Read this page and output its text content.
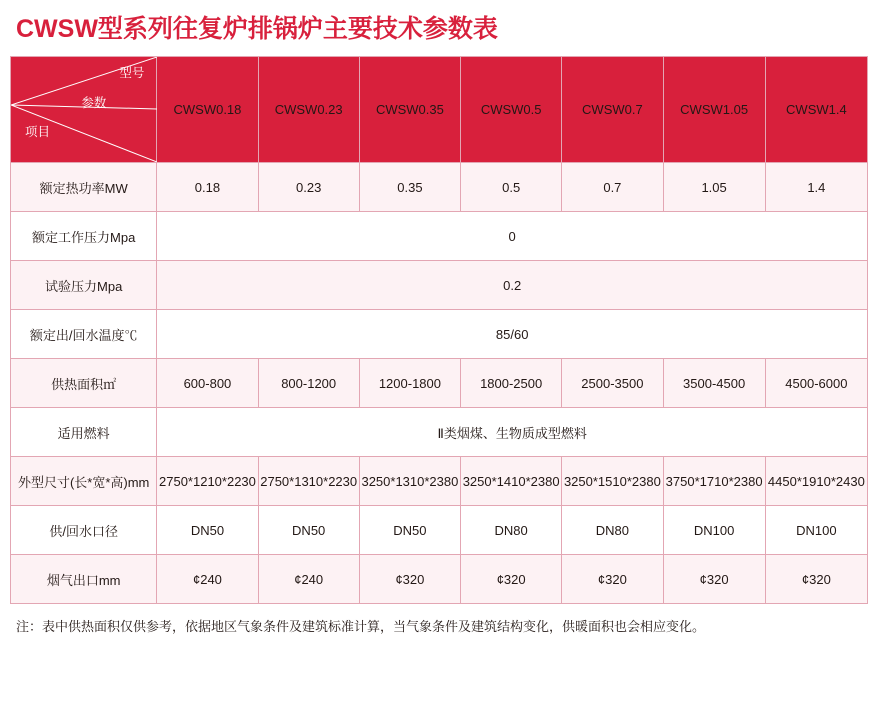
CWSW型系列往复炉排锅炉主要技术参数表
型号
参数
项目	CWSW0.18	CWSW0.23	CWSW0.35	CWSW0.5	CWSW0.7	CWSW1.05	CWSW1.4
额定热功率MW	0.18	0.23	0.35	0.5	0.7	1.05	1.4
额定工作压力Mpa	0						
试验压力Mpa	0.2						
额定出/回水温度℃	85/60						
供热面积㎡	600-800	800-1200	1200-1800	1800-2500	2500-3500	3500-4500	4500-6000
适用燃料	Ⅱ类烟煤、生物质成型燃料						
外型尺寸(长*宽*高)mm	2750*1210*2230	2750*1310*2230	3250*1310*2380	3250*1410*2380	3250*1510*2380	3750*1710*2380	4450*1910*2430
供/回水口径	DN50	DN50	DN50	DN80	DN80	DN100	DN100
烟气出口mm	¢240	¢240	¢320	¢320	¢320	¢320	¢320
注：表中供热面积仅供参考，依据地区气象条件及建筑标准计算，当气象条件及建筑结构变化，供暖面积也会相应变化。
